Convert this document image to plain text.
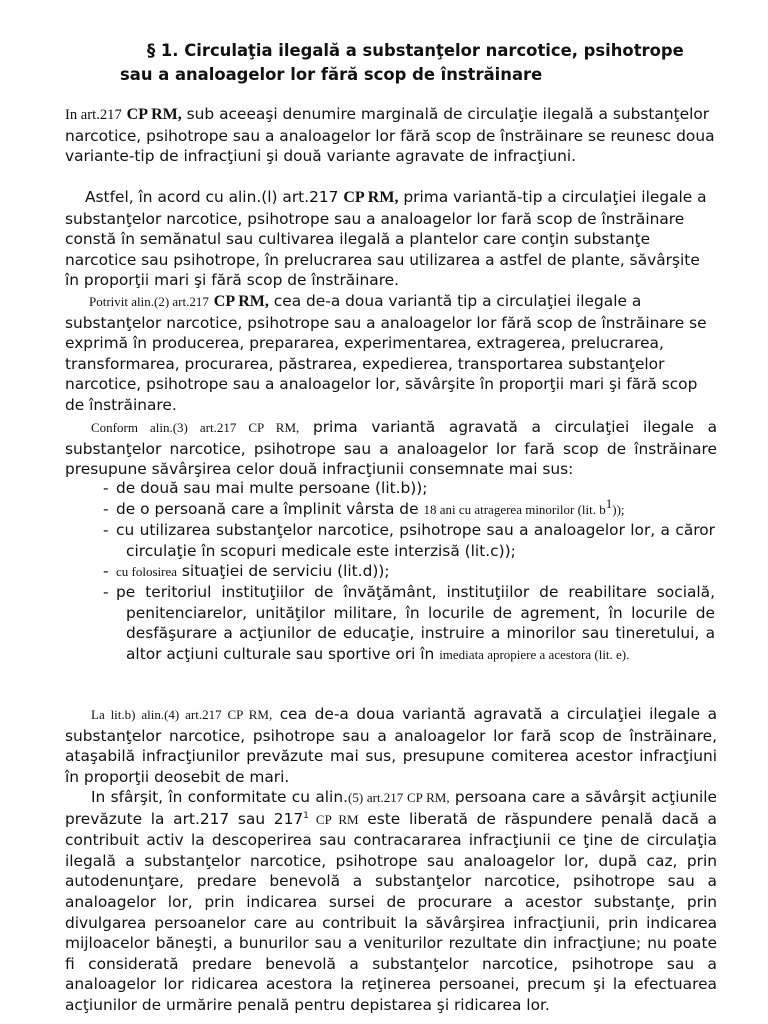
§ 1. Circulaţia ilegală a substanţelor narcotice, psihotrope
sau a analoagelor lor fără scop de înstrăinare
In art.217 CP RM, sub aceeaşi denumire marginală de circulaţie ilegală a substanţelor narcotice, psihotrope sau a analoagelor lor fără scop de înstrăinare se reunesc doua variante-tip de infracţiuni şi două variante agravate de infracţiuni.
Astfel, în acord cu alin.(l) art.217 CP RM, prima variantă-tip a circulaţiei ilegale a substanţelor narcotice, psihotrope sau a analoagelor lor fară scop de înstrăinare constă în semănatul sau cultivarea ilegală a plantelor care conţin substanţe narcotice sau psihotrope, în prelucrarea sau utilizarea a astfel de plante, săvârşite în proporţii mari şi fără scop de înstrăinare.
Potrivit alin.(2) art.217 CP RM, cea de-a doua variantă tip a circulaţiei ilegale a substanţelor narcotice, psihotrope sau a analoagelor lor fără scop de înstrăinare se exprimă în producerea, prepararea, experimentarea, extragerea, prelucrarea, transformarea, procurarea, păstrarea, expedierea, transportarea substanţelor narcotice, psihotrope sau a analoagelor lor, săvârşite în proporţii mari şi fără scop de înstrăinare.
Conform alin.(3) art.217 CP RM, prima variantă agravată a circulaţiei ilegale a substanţelor narcotice, psihotrope sau a analoagelor lor fară scop de înstrăinare presupune săvârşirea celor două infracţiunii consemnate mai sus:
- de două sau mai multe persoane (lit.b));
- de o persoană care a împlinit vârsta de 18 ani cu atragerea minorilor (lit. $b^1$));
- cu utilizarea substanţelor narcotice, psihotrope sau a analoagelor lor, a căror circulaţie în scopuri medicale este interzisă (lit.c));
- cu folosirea situaţiei de serviciu (lit.d));
- pe teritoriul instituţiilor de învăţământ, instituţiilor de reabilitare socială, penitenciarelor, unităţilor militare, în locurile de agrement, în locurile de desfăşurare a acţiunilor de educaţie, instruire a minorilor sau tineretului, a altor acţiuni culturale sau sportive ori în imediata apropiere a acestora (lit. e).
La lit.b) alin.(4) art.217 CP RM, cea de-a doua variantă agravată a circulaţiei ilegale a substanţelor narcotice, psihotrope sau a analoagelor lor fară scop de înstrăinare, ataşabilă infracţiunilor prevăzute mai sus, presupune comiterea acestor infracţiuni în proporţii deosebit de mari.
In sfârşit, în conformitate cu alin.(5) art.217 CP RM, persoana care a săvârşit acţiunile prevăzute la art.217 sau $217^1$ CP RM este liberată de răspundere penală dacă a contribuit activ la descoperirea sau contracararea infracţiunii ce ţine de circulaţia ilegală a substanţelor narcotice, psihotrope sau analoagelor lor, după caz, prin autodenunţare, predare benevolă a substanţelor narcotice, psihotrope sau a analoagelor lor, prin indicarea sursei de procurare a acestor substanţe, prin divulgarea persoanelor care au contribuit la săvârşirea infracţiunii, prin indicarea mijloacelor băneşti, a bunurilor sau a veniturilor rezultate din infracţiune; nu poate fi considerată predare benevolă a substanţelor narcotice, psihotrope sau a analoagelor lor ridicarea acestora la reţinerea persoanei, precum şi la efectuarea acţiunilor de urmărire penală pentru depistarea şi ridicarea lor.
